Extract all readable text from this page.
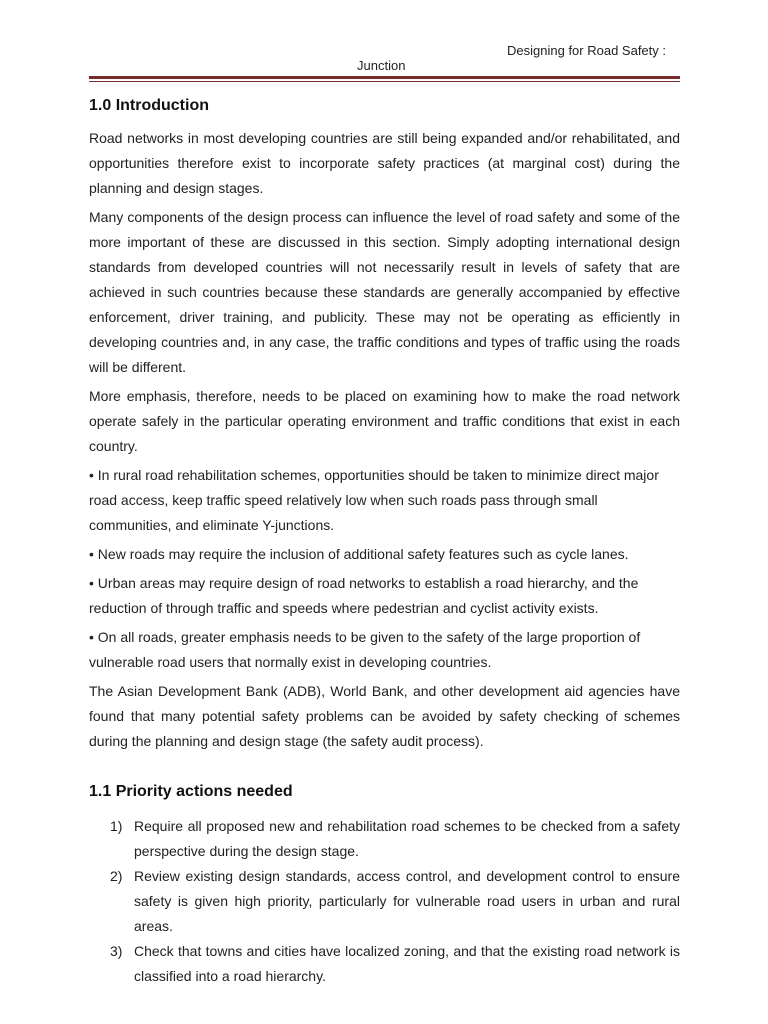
Designing for Road Safety :
Junction
1.0 Introduction

Road networks in most developing countries are still being expanded and/or rehabilitated, and opportunities therefore exist to incorporate safety practices (at marginal cost) during the planning and design stages.

Many components of the design process can influence the level of road safety and some of the more important of these are discussed in this section. Simply adopting international design standards from developed countries will not necessarily result in levels of safety that are achieved in such countries because these standards are generally accompanied by effective enforcement, driver training, and publicity. These may not be operating as efficiently in developing countries and, in any case, the traffic conditions and types of traffic using the roads will be different.

More emphasis, therefore, needs to be placed on examining how to make the road network operate safely in the particular operating environment and traffic conditions that exist in each country.

• In rural road rehabilitation schemes, opportunities should be taken to minimize direct major road access, keep traffic speed relatively low when such roads pass through small communities, and eliminate Y-junctions.

• New roads may require the inclusion of additional safety features such as cycle lanes.

• Urban areas may require design of road networks to establish a road hierarchy, and the reduction of through traffic and speeds where pedestrian and cyclist activity exists.

• On all roads, greater emphasis needs to be given to the safety of the large proportion of vulnerable road users that normally exist in developing countries.

The Asian Development Bank (ADB), World Bank, and other development aid agencies have found that many potential safety problems can be avoided by safety checking of schemes during the planning and design stage (the safety audit process).

1.1 Priority actions needed
1) Require all proposed new and rehabilitation road schemes to be checked from a safety perspective during the design stage.
2) Review existing design standards, access control, and development control to ensure safety is given high priority, particularly for vulnerable road users in urban and rural areas.
3) Check that towns and cities have localized zoning, and that the existing road network is classified into a road hierarchy.
